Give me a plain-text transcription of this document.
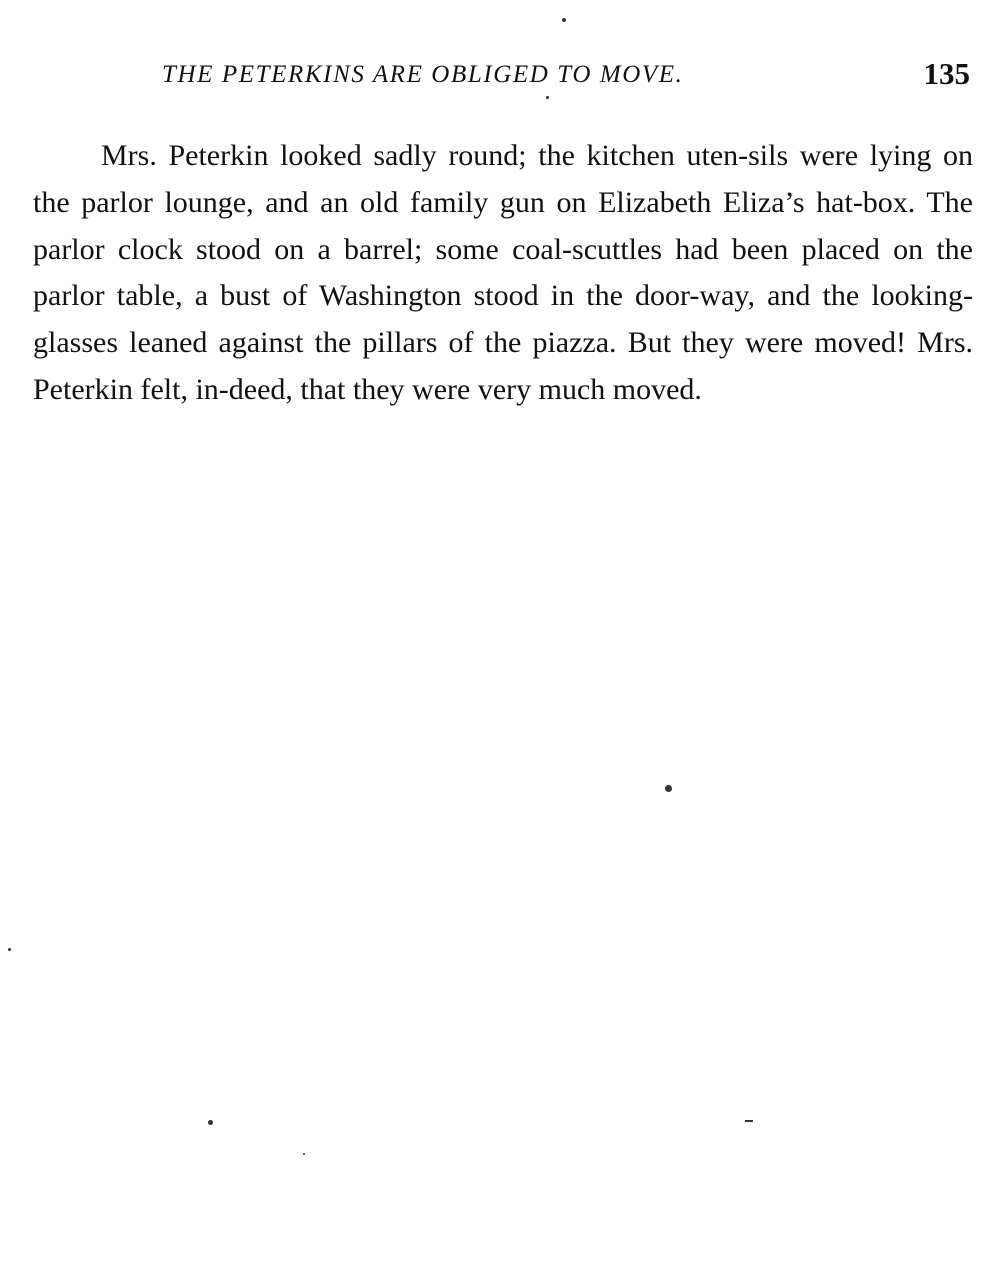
THE PETERKINS ARE OBLIGED TO MOVE.	135

Mrs. Peterkin looked sadly round; the kitchen uten-sils were lying on the parlor lounge, and an old family gun on Elizabeth Eliza’s hat-box. The parlor clock stood on a barrel; some coal-scuttles had been placed on the parlor table, a bust of Washington stood in the door-way, and the looking-glasses leaned against the pillars of the piazza. But they were moved! Mrs. Peterkin felt, in-deed, that they were very much moved.
